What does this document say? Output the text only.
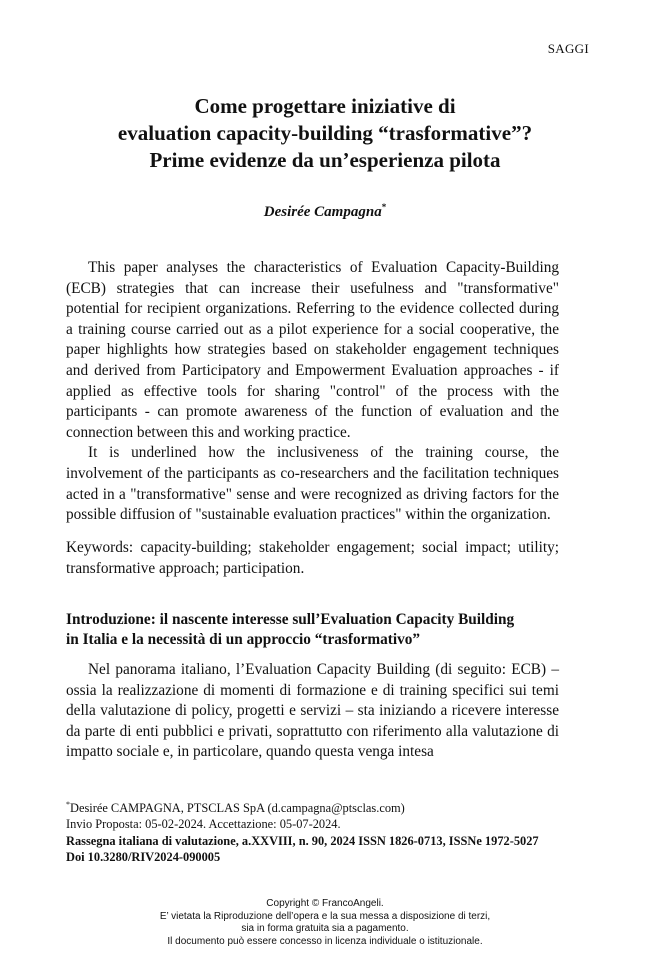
SAGGI
Come progettare iniziative di
evaluation capacity-building “trasformative”?
Prime evidenze da un’esperienza pilota
Desirée Campagna*

This paper analyses the characteristics of Evaluation Capacity-Building (ECB) strategies that can increase their usefulness and "transformative" potential for recipient organizations. Referring to the evidence collected during a training course carried out as a pilot experience for a social cooperative, the paper highlights how strategies based on stakeholder engagement techniques and derived from Participatory and Empowerment Evaluation approaches - if applied as effective tools for sharing "control" of the process with the participants - can promote awareness of the function of evaluation and the connection between this and working practice.

It is underlined how the inclusiveness of the training course, the involvement of the participants as co-researchers and the facilitation techniques acted in a "transformative" sense and were recognized as driving factors for the possible diffusion of "sustainable evaluation practices" within the organization.

Keywords: capacity-building; stakeholder engagement; social impact; utility; transformative approach; participation.

Introduzione: il nascente interesse sull’Evaluation Capacity Building
in Italia e la necessità di un approccio “trasformativo”

Nel panorama italiano, l’Evaluation Capacity Building (di seguito: ECB) – ossia la realizzazione di momenti di formazione e di training specifici sui temi della valutazione di policy, progetti e servizi – sta iniziando a ricevere interesse da parte di enti pubblici e privati, soprattutto con riferimento alla valutazione di impatto sociale e, in particolare, quando questa venga intesa

*Desirée CAMPAGNA, PTSCLAS SpA (d.campagna@ptsclas.com)
Invio Proposta: 05-02-2024. Accettazione: 05-07-2024.
Rassegna italiana di valutazione, a.XXVIII, n. 90, 2024 ISSN 1826-0713, ISSNe 1972-5027
Doi 10.3280/RIV2024-090005
Copyright © FrancoAngeli.
E’ vietata la Riproduzione dell’opera e la sua messa a disposizione di terzi,
sia in forma gratuita sia a pagamento.
Il documento può essere concesso in licenza individuale o istituzionale.
